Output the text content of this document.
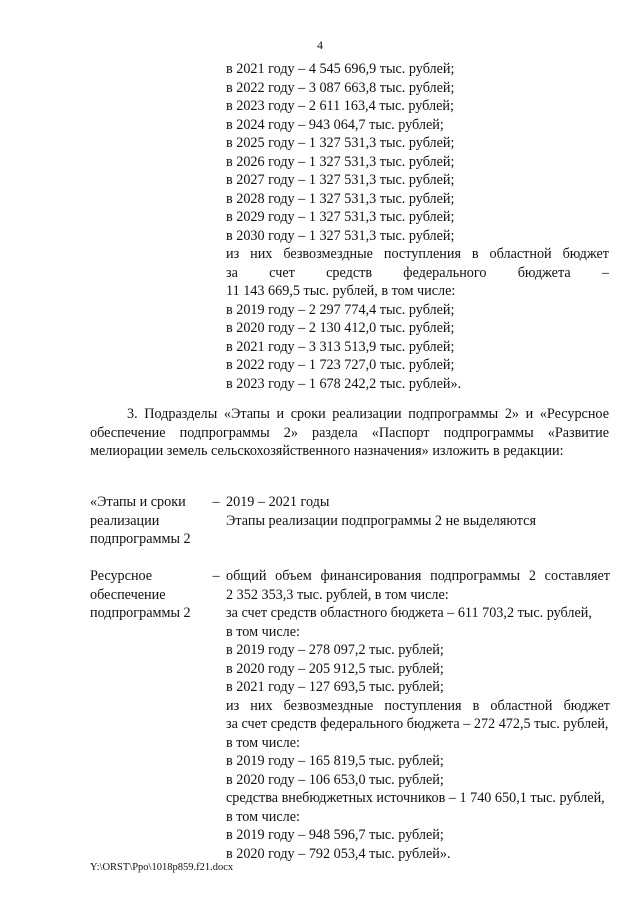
4
в 2021 году – 4 545 696,9 тыс. рублей;
в 2022 году – 3 087 663,8 тыс. рублей;
в 2023 году – 2 611 163,4 тыс. рублей;
в 2024 году – 943 064,7 тыс. рублей;
в 2025 году – 1 327 531,3 тыс. рублей;
в 2026 году – 1 327 531,3 тыс. рублей;
в 2027 году – 1 327 531,3 тыс. рублей;
в 2028 году – 1 327 531,3 тыс. рублей;
в 2029 году – 1 327 531,3 тыс. рублей;
в 2030 году – 1 327 531,3 тыс. рублей;
из них безвозмездные поступления в областной бюджет
за счет средств федерального бюджета –
11 143 669,5 тыс. рублей, в том числе:
в 2019 году – 2 297 774,4 тыс. рублей;
в 2020 году – 2 130 412,0 тыс. рублей;
в 2021 году – 3 313 513,9 тыс. рублей;
в 2022 году – 1 723 727,0 тыс. рублей;
в 2023 году – 1 678 242,2 тыс. рублей».
3. Подразделы «Этапы и сроки реализации подпрограммы 2» и «Ресурсное обеспечение подпрограммы 2» раздела «Паспорт подпрограммы «Развитие мелиорации земель сельскохозяйственного назначения» изложить в редакции:
«Этапы и сроки реализации подпрограммы 2
– 2019 – 2021 годы
Этапы реализации подпрограммы 2 не выделяются
Ресурсное обеспечение подпрограммы 2
– общий объем финансирования подпрограммы 2 составляет
2 352 353,3 тыс. рублей, в том числе:
за счет средств областного бюджета – 611 703,2 тыс. рублей,
в том числе:
в 2019 году – 278 097,2 тыс. рублей;
в 2020 году – 205 912,5 тыс. рублей;
в 2021 году – 127 693,5 тыс. рублей;
из них безвозмездные поступления в областной бюджет
за счет средств федерального бюджета – 272 472,5 тыс. рублей,
в том числе:
в 2019 году – 165 819,5 тыс. рублей;
в 2020 году – 106 653,0 тыс. рублей;
средства внебюджетных источников – 1 740 650,1 тыс. рублей,
в том числе:
в 2019 году – 948 596,7 тыс. рублей;
в 2020 году – 792 053,4 тыс. рублей».
Y:\ORST\Ppo\1018p859.f21.docx
